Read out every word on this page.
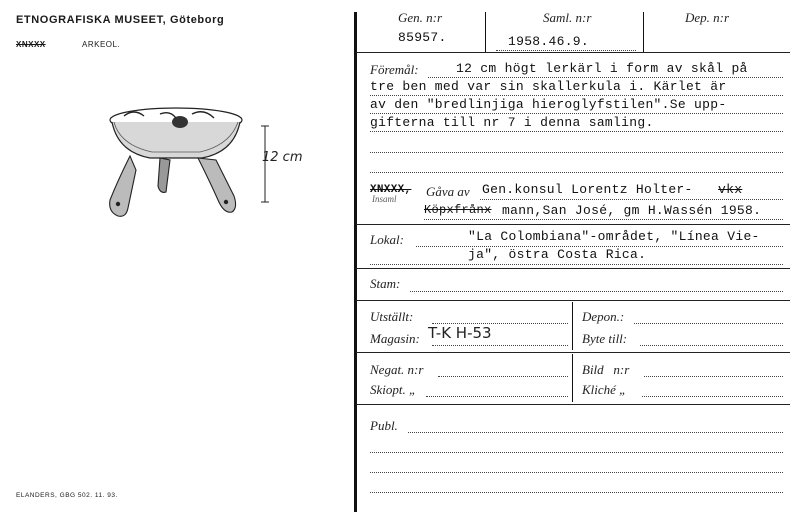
ETNOGRAFISKA MUSEET, Göteborg
XNXXX	ARKEOL.
12 cm
ELANDERS, GBG 502. 11. 93.
Gen. n:r	Saml. n:r	Dep. n:r
85957.	1958.46.9.
Föremål:	12 cm högt lerkärl i form av skål på
tre ben med var sin skallerkula i. Kärlet är
av den "bredlinjiga hieroglyfstilen".Se upp-
gifterna till nr 7 i denna samling.
XNXXX,
Insaml Gåva av Gen.konsul Lorentz Holter- vkx
Köpxfrånx mann,San José, gm H.Wassén 1958.
Lokal:	"La Colombiana"-området, "Línea Vie-
ja", östra Costa Rica.
Stam:
Utställt:	Depon.:
Magasin: T-K H-53	Byte till:
Negat. n:r	Bild   n:r
Skiopt. „	Kliché „
Publ.
